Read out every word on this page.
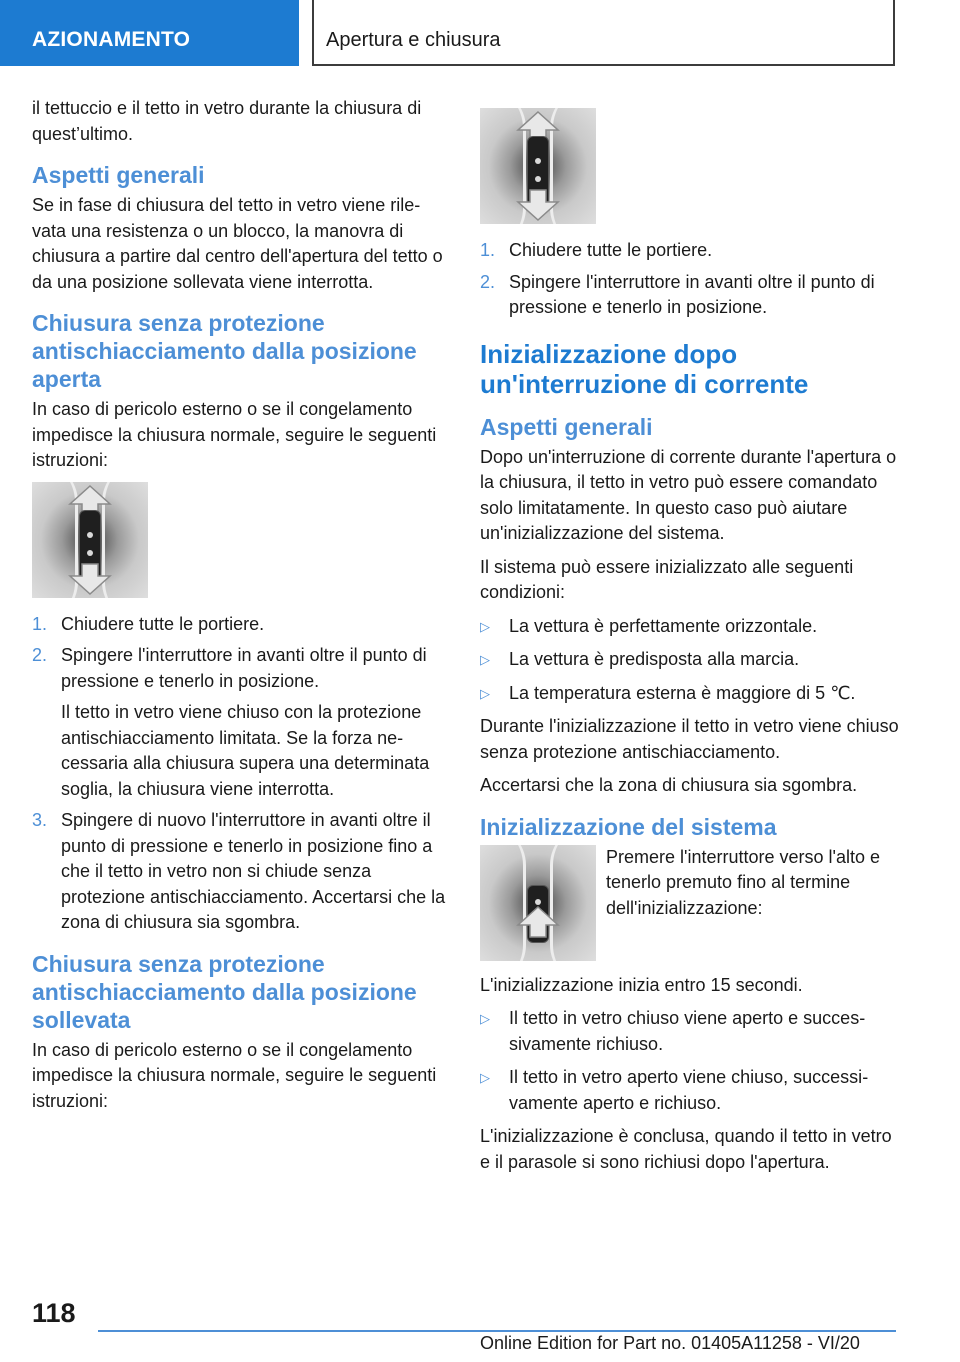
AZIONAMENTO	Apertura e chiusura

il tettuccio e il tetto in vetro durante la chiusura di quest’ultimo.

Aspetti generali

Se in fase di chiusura del tetto in vetro viene rilevata una resistenza o un blocco, la manovra di chiusura a partire dal centro dell'apertura del tetto o da una posizione sollevata viene interrotta.

Chiusura senza protezione antischiacciamento dalla posizione aperta

In caso di pericolo esterno o se il congelamento impedisce la chiusura normale, seguire le seguenti istruzioni:

1. Chiudere tutte le portiere.
2. Spingere l'interruttore in avanti oltre il punto di pressione e tenerlo in posizione.
Il tetto in vetro viene chiuso con la protezione antischiacciamento limitata. Se la forza necessaria alla chiusura supera una determinata soglia, la chiusura viene interrotta.
3. Spingere di nuovo l'interruttore in avanti oltre il punto di pressione e tenerlo in posizione fino a che il tetto in vetro non si chiude senza protezione antischiacciamento. Accertarsi che la zona di chiusura sia sgombra.
Chiusura senza protezione antischiacciamento dalla posizione sollevata

In caso di pericolo esterno o se il congelamento impedisce la chiusura normale, seguire le seguenti istruzioni:

1. Chiudere tutte le portiere.
2. Spingere l'interruttore in avanti oltre il punto di pressione e tenerlo in posizione.
Inizializzazione dopo un'interruzione di corrente
Aspetti generali

Dopo un'interruzione di corrente durante l'apertura o la chiusura, il tetto in vetro può essere comandato solo limitatamente. In questo caso può aiutare un'inizializzazione del sistema.

Il sistema può essere inizializzato alle seguenti condizioni:

▷ La vettura è perfettamente orizzontale.
▷ La vettura è predisposta alla marcia.
▷ La temperatura esterna è maggiore di 5 ℃.

Durante l'inizializzazione il tetto in vetro viene chiuso senza protezione antischiacciamento.

Accertarsi che la zona di chiusura sia sgombra.

Inizializzazione del sistema

Premere l'interruttore verso l'alto e tenerlo premuto fino al termine dell'inizializzazione:

L'inizializzazione inizia entro 15 secondi.

▷ Il tetto in vetro chiuso viene aperto e successivamente richiuso.
▷ Il tetto in vetro aperto viene chiuso, successivamente aperto e richiuso.

L'inizializzazione è conclusa, quando il tetto in vetro e il parasole si sono richiusi dopo l'apertura.

118
Online Edition for Part no. 01405A11258 - VI/20
